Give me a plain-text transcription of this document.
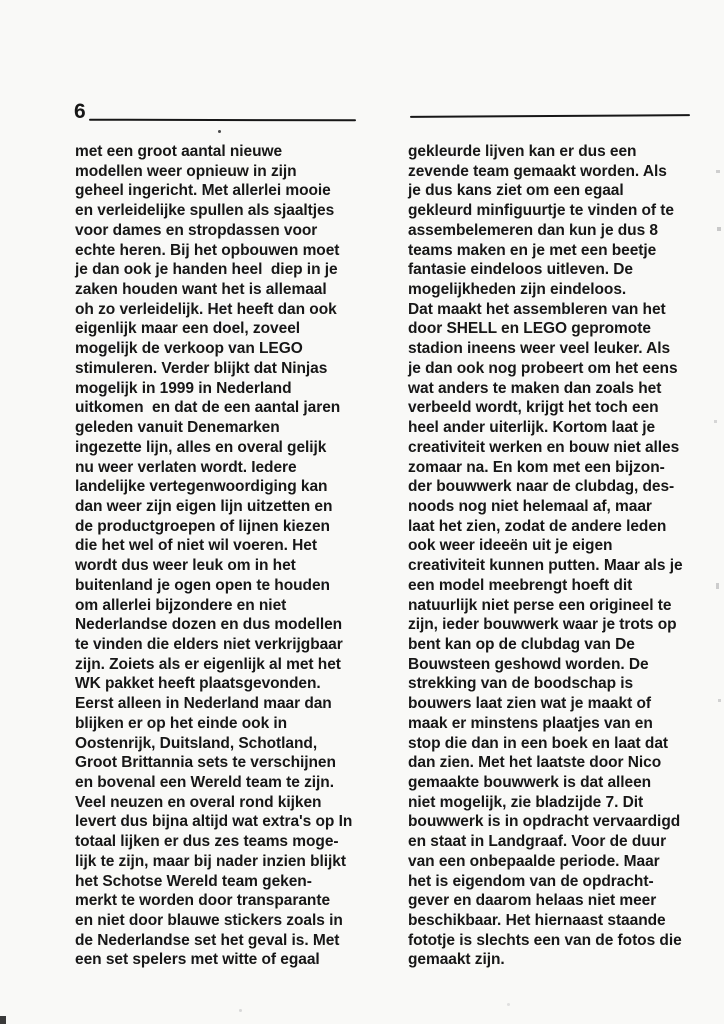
6
met een groot aantal nieuwe
modellen weer opnieuw in zijn
geheel ingericht. Met allerlei mooie
en verleidelijke spullen als sjaaltjes
voor dames en stropdassen voor
echte heren. Bij het opbouwen moet
je dan ook je handen heel  diep in je
zaken houden want het is allemaal
oh zo verleidelijk. Het heeft dan ook
eigenlijk maar een doel, zoveel
mogelijk de verkoop van LEGO
stimuleren. Verder blijkt dat Ninjas
mogelijk in 1999 in Nederland
uitkomen  en dat de een aantal jaren
geleden vanuit Denemarken
ingezette lijn, alles en overal gelijk
nu weer verlaten wordt. Iedere
landelijke vertegenwoordiging kan
dan weer zijn eigen lijn uitzetten en
de productgroepen of lijnen kiezen
die het wel of niet wil voeren. Het
wordt dus weer leuk om in het
buitenland je ogen open te houden
om allerlei bijzondere en niet
Nederlandse dozen en dus modellen
te vinden die elders niet verkrijgbaar
zijn. Zoiets als er eigenlijk al met het
WK pakket heeft plaatsgevonden.
Eerst alleen in Nederland maar dan
blijken er op het einde ook in
Oostenrijk, Duitsland, Schotland,
Groot Brittannia sets te verschijnen
en bovenal een Wereld team te zijn.
Veel neuzen en overal rond kijken
levert dus bijna altijd wat extra's op In
totaal lijken er dus zes teams moge-
lijk te zijn, maar bij nader inzien blijkt
het Schotse Wereld team geken-
merkt te worden door transparante
en niet door blauwe stickers zoals in
de Nederlandse set het geval is. Met
een set spelers met witte of egaal
gekleurde lijven kan er dus een
zevende team gemaakt worden. Als
je dus kans ziet om een egaal
gekleurd minfiguurtje te vinden of te
assembelemeren dan kun je dus 8
teams maken en je met een beetje
fantasie eindeloos uitleven. De
mogelijkheden zijn eindeloos.
Dat maakt het assembleren van het
door SHELL en LEGO gepromote
stadion ineens weer veel leuker. Als
je dan ook nog probeert om het eens
wat anders te maken dan zoals het
verbeeld wordt, krijgt het toch een
heel ander uiterlijk. Kortom laat je
creativiteit werken en bouw niet alles
zomaar na. En kom met een bijzon-
der bouwwerk naar de clubdag, des-
noods nog niet helemaal af, maar
laat het zien, zodat de andere leden
ook weer ideeën uit je eigen
creativiteit kunnen putten. Maar als je
een model meebrengt hoeft dit
natuurlijk niet perse een origineel te
zijn, ieder bouwwerk waar je trots op
bent kan op de clubdag van De
Bouwsteen geshowd worden. De
strekking van de boodschap is
bouwers laat zien wat je maakt of
maak er minstens plaatjes van en
stop die dan in een boek en laat dat
dan zien. Met het laatste door Nico
gemaakte bouwwerk is dat alleen
niet mogelijk, zie bladzijde 7. Dit
bouwwerk is in opdracht vervaardigd
en staat in Landgraaf. Voor de duur
van een onbepaalde periode. Maar
het is eigendom van de opdracht-
gever en daarom helaas niet meer
beschikbaar. Het hiernaast staande
fototje is slechts een van de fotos die
gemaakt zijn.
